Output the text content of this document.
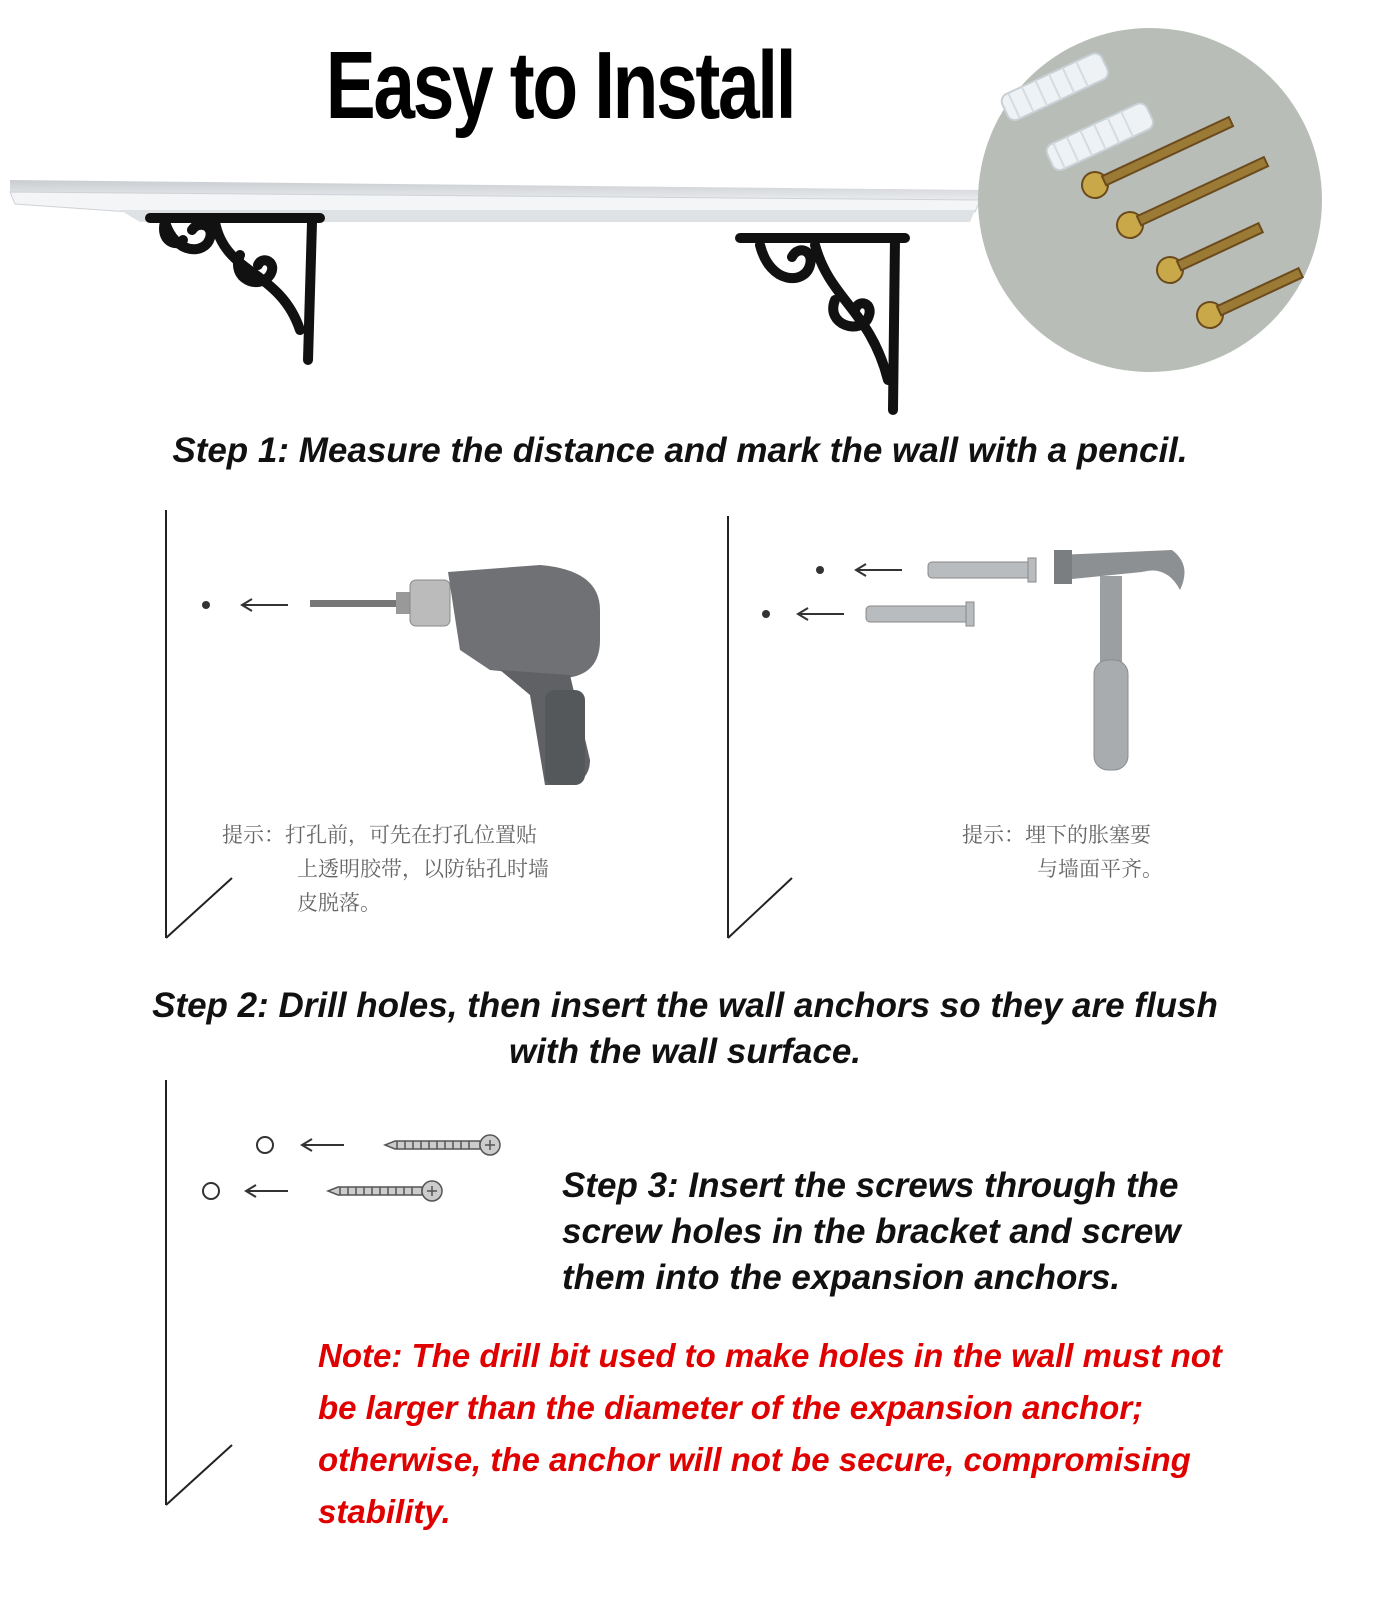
Easy to Install
Step 1: Measure the distance and mark the wall with a pencil.
提示：打孔前，可先在打孔位置贴
上透明胶带，以防钻孔时墙
皮脱落。
提示：埋下的胀塞要
与墙面平齐。
Step 2: Drill holes, then insert the wall anchors so they are flush
with the wall surface.
Step 3: Insert the screws through the
screw holes in the bracket and screw
them into the expansion anchors.
Note: The drill bit used to make holes in the wall must not
be larger than the diameter of the expansion anchor;
otherwise, the anchor will not be secure, compromising
stability.
